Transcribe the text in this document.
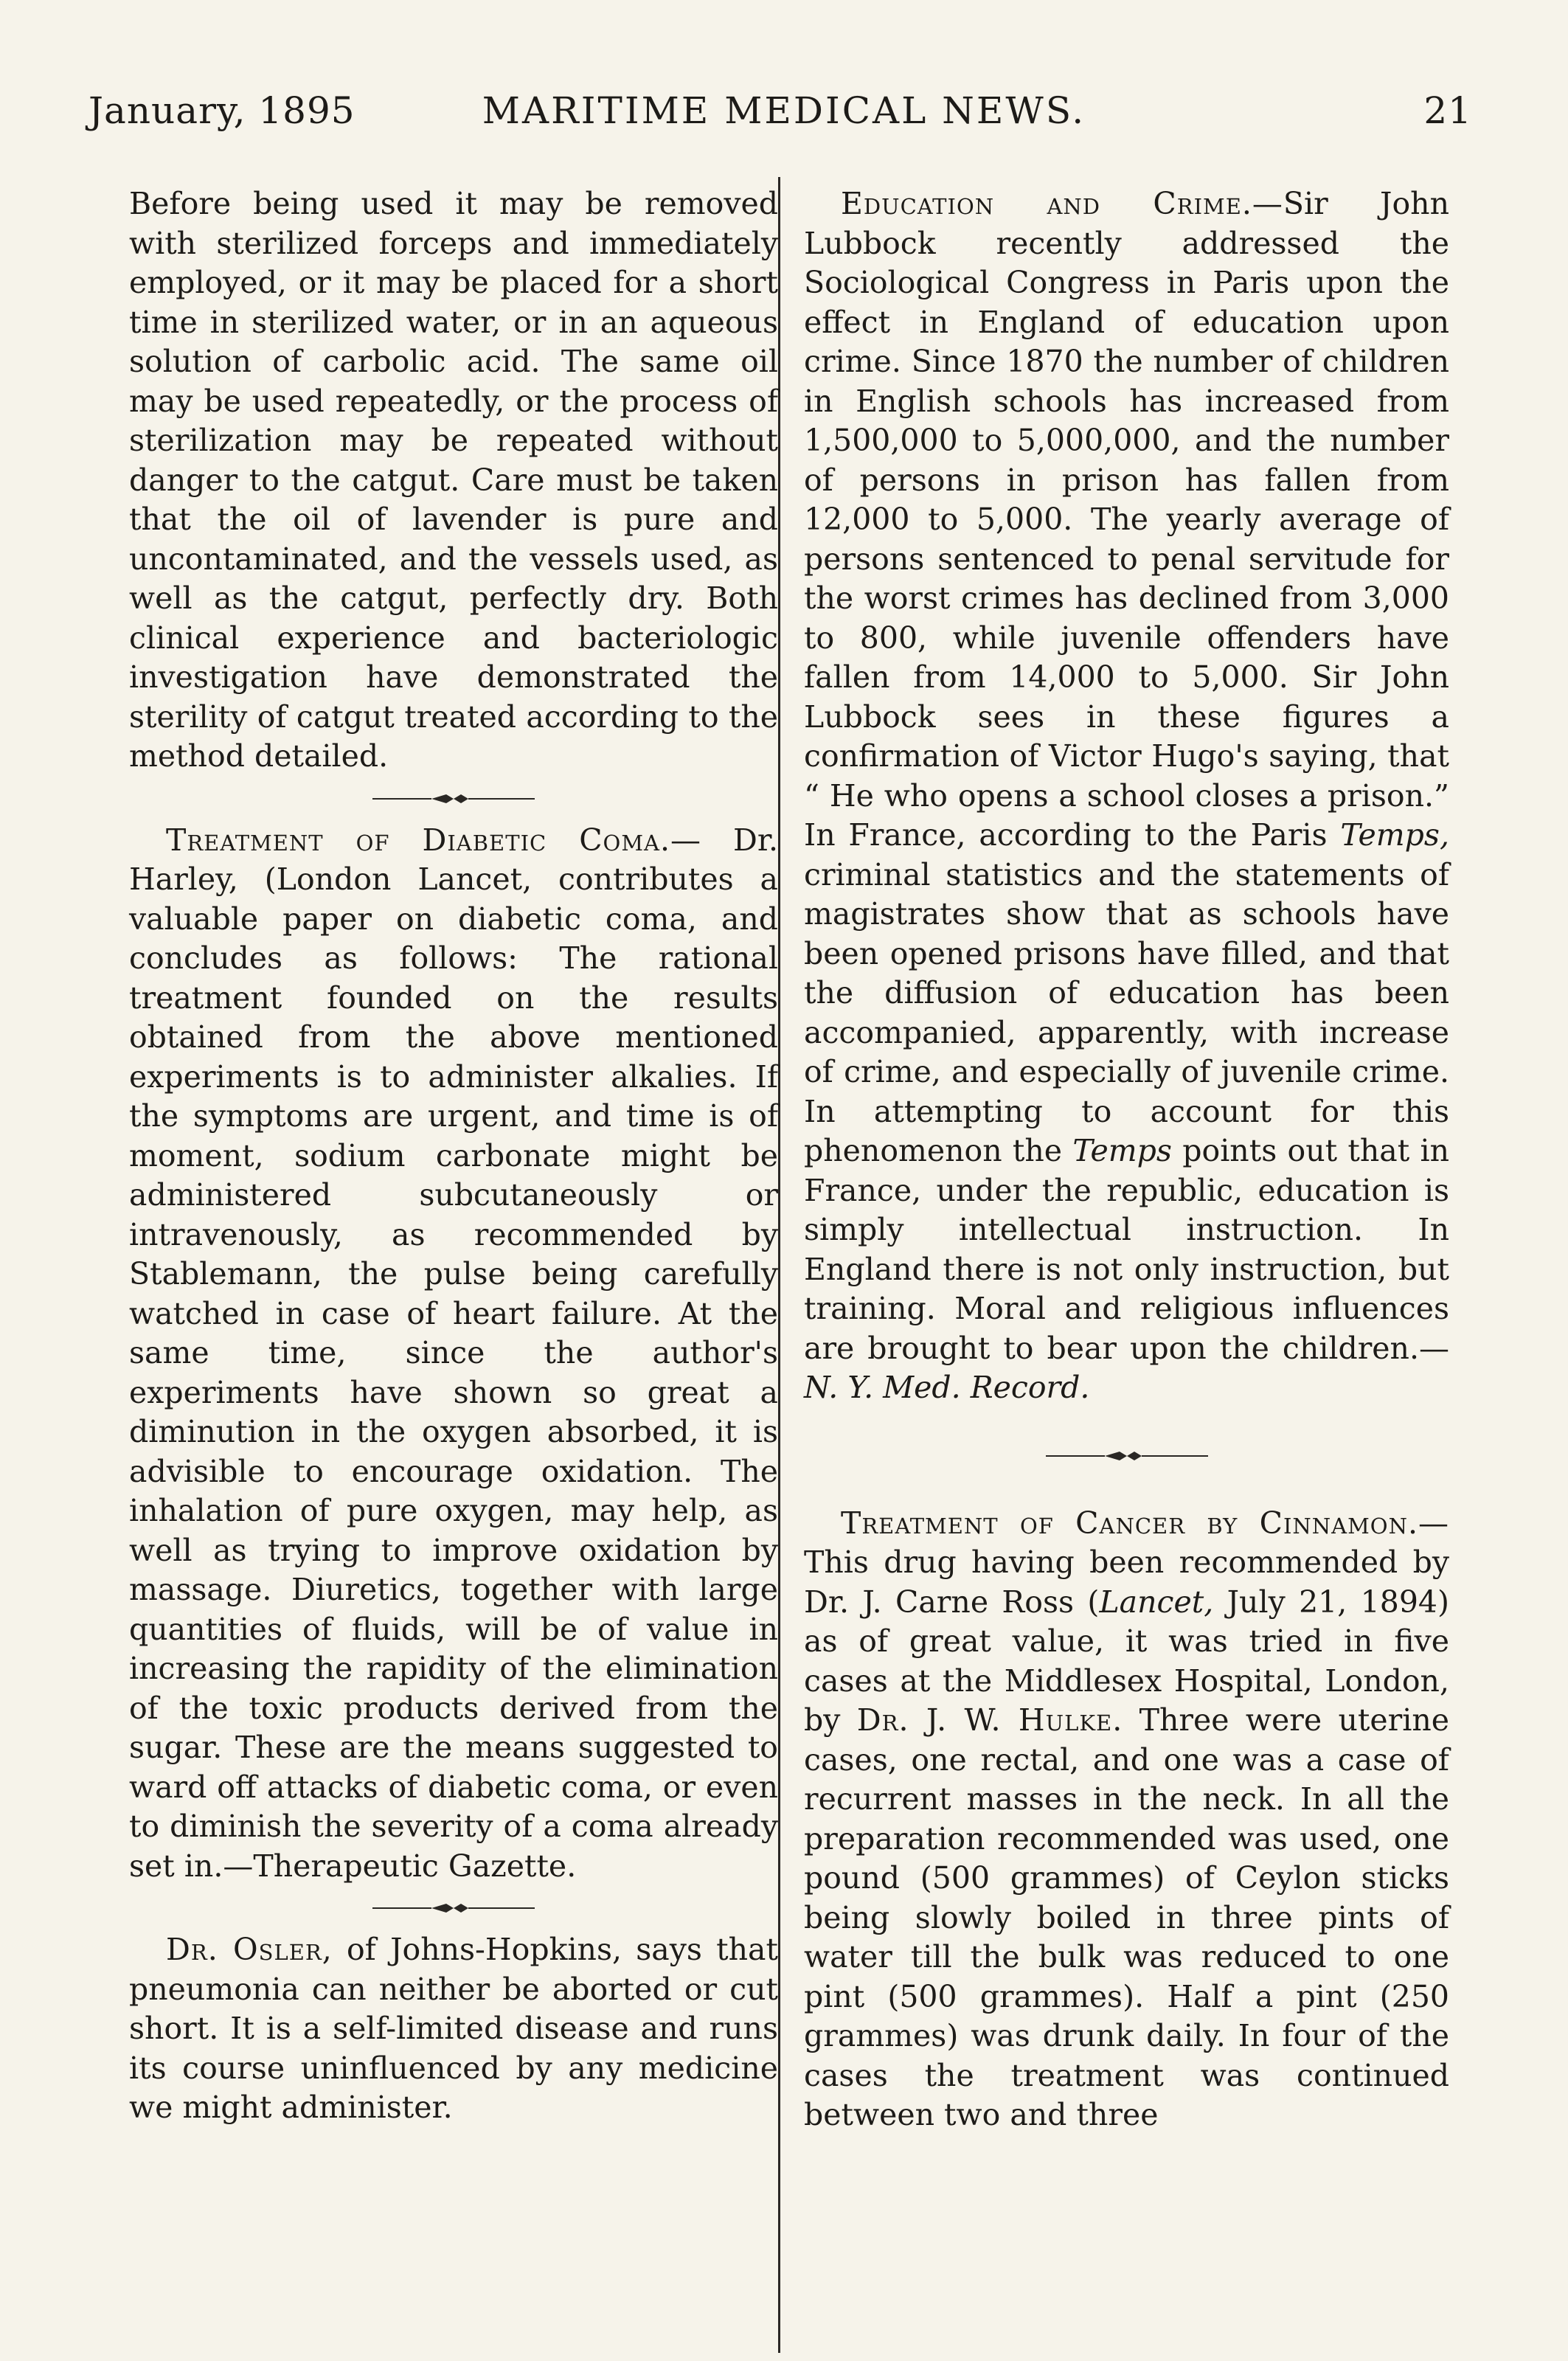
January, 1895	MARITIME MEDICAL NEWS.	21

Before being used it may be removed with sterilized forceps and immediately employed, or it may be placed for a short time in sterilized water, or in an aqueous solution of carbolic acid. The same oil may be used repeatedly, or the process of sterilization may be repeated without danger to the catgut. Care must be taken that the oil of lavender is pure and uncontaminated, and the vessels used, as well as the catgut, perfectly dry. Both clinical experience and bacteriologic investigation have demonstrated the sterility of catgut treated according to the method detailed.

Treatment of Diabetic Coma.— Dr. Harley, (London Lancet, contributes a valuable paper on diabetic coma, and concludes as follows: The rational treatment founded on the results obtained from the above mentioned experiments is to administer alkalies. If the symptoms are urgent, and time is of moment, sodium carbonate might be administered subcutaneously or intravenously, as recommended by Stablemann, the pulse being carefully watched in case of heart failure. At the same time, since the author's experiments have shown so great a diminution in the oxygen absorbed, it is advisible to encourage oxidation. The inhalation of pure oxygen, may help, as well as trying to improve oxidation by massage. Diuretics, together with large quantities of fluids, will be of value in increasing the rapidity of the elimination of the toxic products derived from the sugar. These are the means suggested to ward off attacks of diabetic coma, or even to diminish the severity of a coma already set in.—Therapeutic Gazette.

Dr. Osler, of Johns-Hopkins, says that pneumonia can neither be aborted or cut short. It is a self-limited disease and runs its course uninfluenced by any medicine we might administer.

Education and Crime.—Sir John Lubbock recently addressed the Sociological Congress in Paris upon the effect in England of education upon crime. Since 1870 the number of children in English schools has increased from 1,500,000 to 5,000,000, and the number of persons in prison has fallen from 12,000 to 5,000. The yearly average of persons sentenced to penal servitude for the worst crimes has declined from 3,000 to 800, while juvenile offenders have fallen from 14,000 to 5,000. Sir John Lubbock sees in these figures a confirmation of Victor Hugo's saying, that “ He who opens a school closes a prison.” In France, according to the Paris Temps, criminal statistics and the statements of magistrates show that as schools have been opened prisons have filled, and that the diffusion of education has been accompanied, apparently, with increase of crime, and especially of juvenile crime. In attempting to account for this phenomenon the Temps points out that in France, under the republic, education is simply intellectual instruction. In England there is not only instruction, but training. Moral and religious influences are brought to bear upon the children.— N. Y. Med. Record.

Treatment of Cancer by Cinnamon.—This drug having been recommended by Dr. J. Carne Ross (Lancet, July 21, 1894) as of great value, it was tried in five cases at the Middlesex Hospital, London, by Dr. J. W. Hulke. Three were uterine cases, one rectal, and one was a case of recurrent masses in the neck. In all the preparation recommended was used, one pound (500 grammes) of Ceylon sticks being slowly boiled in three pints of water till the bulk was reduced to one pint (500 grammes). Half a pint (250 grammes) was drunk daily. In four of the cases the treatment was continued between two and three
